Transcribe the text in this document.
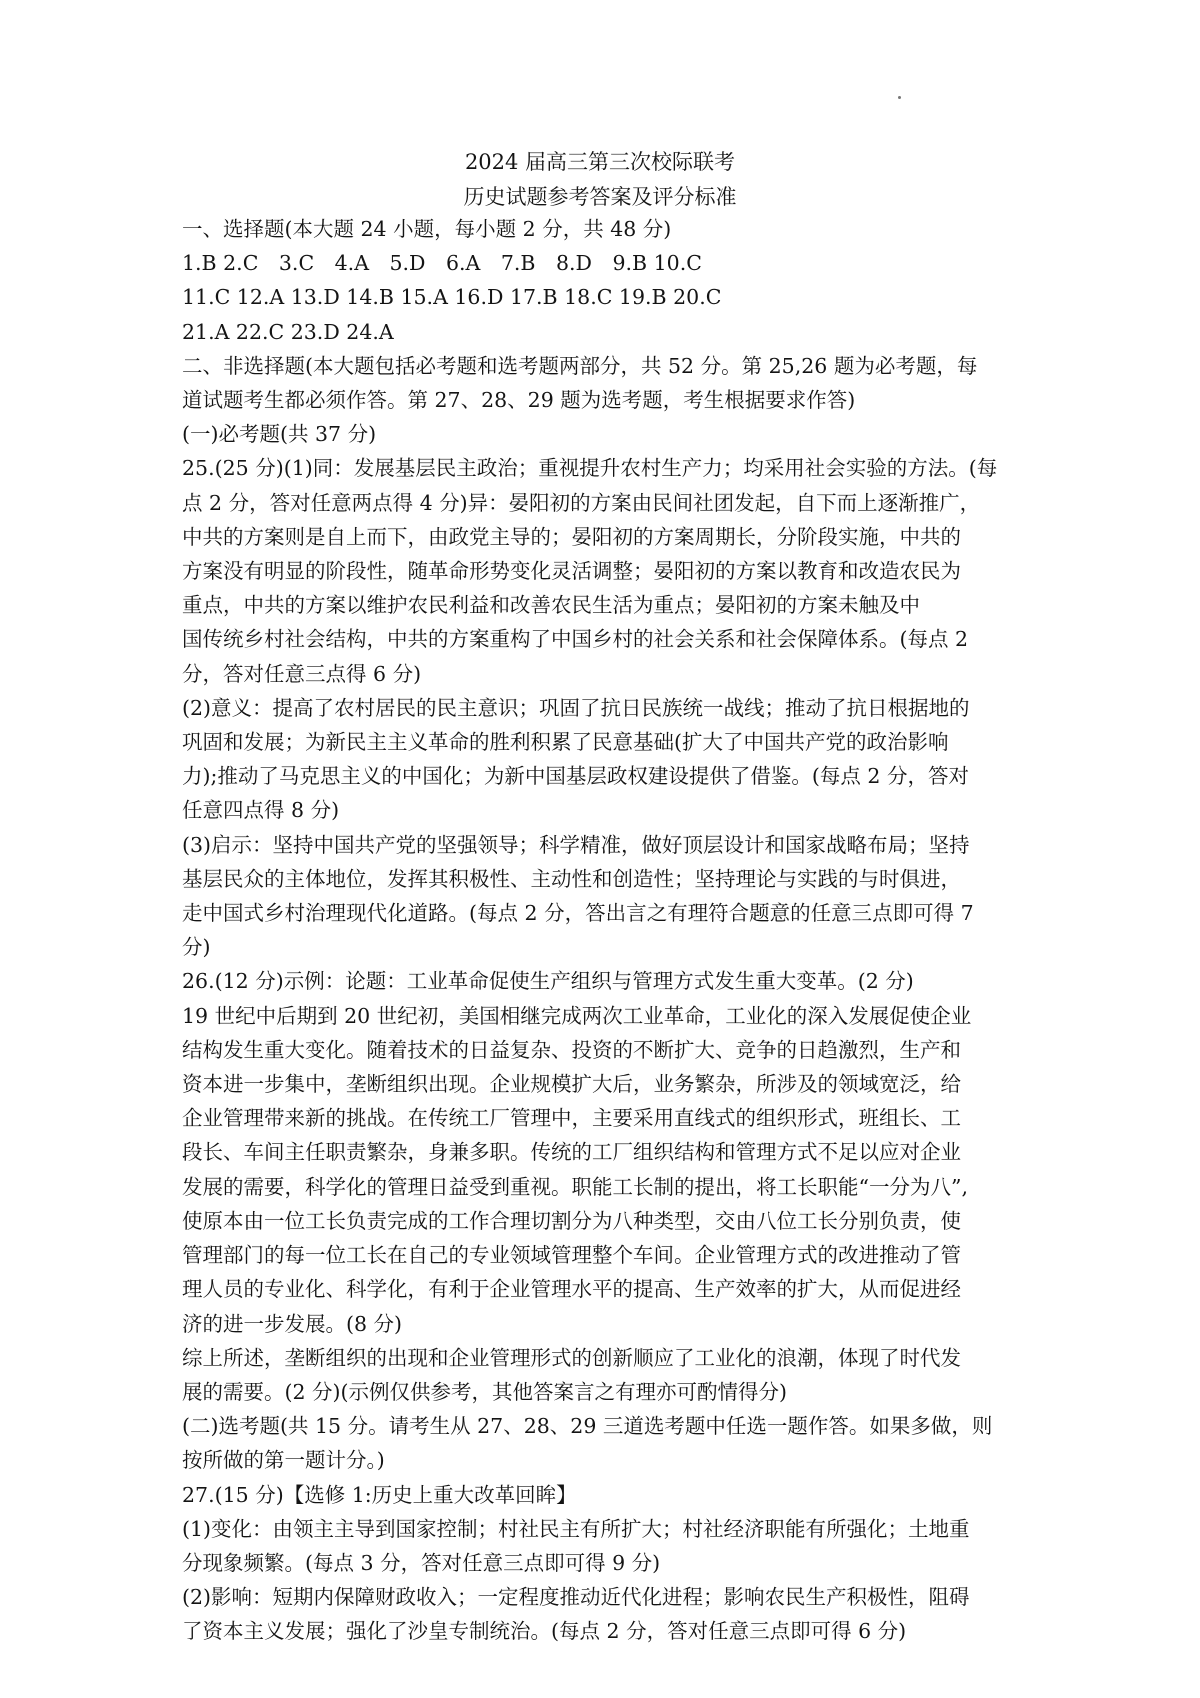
2024 届高三第三次校际联考
历史试题参考答案及评分标准
一、选择题(本大题 24 小题，每小题 2 分，共 48 分)
1.B 2.C　3.C　4.A　5.D　6.A　7.B　8.D　9.B 10.C
11.C 12.A 13.D 14.B 15.A 16.D 17.B 18.C 19.B 20.C
21.A 22.C 23.D 24.A
二、非选择题(本大题包括必考题和选考题两部分，共 52 分。第 25,26 题为必考题，每
道试题考生都必须作答。第 27、28、29 题为选考题，考生根据要求作答)
(一)必考题(共 37 分)
25.(25 分)(1)同：发展基层民主政治；重视提升农村生产力；均采用社会实验的方法。(每
点 2 分，答对任意两点得 4 分)异：晏阳初的方案由民间社团发起，自下而上逐渐推广，
中共的方案则是自上而下，由政党主导的；晏阳初的方案周期长，分阶段实施，中共的
方案没有明显的阶段性，随革命形势变化灵活调整；晏阳初的方案以教育和改造农民为
重点，中共的方案以维护农民利益和改善农民生活为重点；晏阳初的方案未触及中
国传统乡村社会结构，中共的方案重构了中国乡村的社会关系和社会保障体系。(每点 2
分，答对任意三点得 6 分)
(2)意义：提高了农村居民的民主意识；巩固了抗日民族统一战线；推动了抗日根据地的
巩固和发展；为新民主主义革命的胜利积累了民意基础(扩大了中国共产党的政治影响
力);推动了马克思主义的中国化；为新中国基层政权建设提供了借鉴。(每点 2 分，答对
任意四点得 8 分)
(3)启示：坚持中国共产党的坚强领导；科学精准，做好顶层设计和国家战略布局；坚持
基层民众的主体地位，发挥其积极性、主动性和创造性；坚持理论与实践的与时俱进，
走中国式乡村治理现代化道路。(每点 2 分，答出言之有理符合题意的任意三点即可得 7
分)
26.(12 分)示例：论题：工业革命促使生产组织与管理方式发生重大变革。(2 分)
19 世纪中后期到 20 世纪初，美国相继完成两次工业革命，工业化的深入发展促使企业
结构发生重大变化。随着技术的日益复杂、投资的不断扩大、竞争的日趋激烈，生产和
资本进一步集中，垄断组织出现。企业规模扩大后，业务繁杂，所涉及的领域宽泛，给
企业管理带来新的挑战。在传统工厂管理中，主要采用直线式的组织形式，班组长、工
段长、车间主任职责繁杂，身兼多职。传统的工厂组织结构和管理方式不足以应对企业
发展的需要，科学化的管理日益受到重视。职能工长制的提出，将工长职能“一分为八”,
使原本由一位工长负责完成的工作合理切割分为八种类型，交由八位工长分别负责，使
管理部门的每一位工长在自己的专业领域管理整个车间。企业管理方式的改进推动了管
理人员的专业化、科学化，有利于企业管理水平的提高、生产效率的扩大，从而促进经
济的进一步发展。(8 分)
综上所述，垄断组织的出现和企业管理形式的创新顺应了工业化的浪潮，体现了时代发
展的需要。(2 分)(示例仅供参考，其他答案言之有理亦可酌情得分)
(二)选考题(共 15 分。请考生从 27、28、29 三道选考题中任选一题作答。如果多做，则
按所做的第一题计分。)
27.(15 分)【选修 1:历史上重大改革回眸】
(1)变化：由领主主导到国家控制；村社民主有所扩大；村社经济职能有所强化；土地重
分现象频繁。(每点 3 分，答对任意三点即可得 9 分)
(2)影响：短期内保障财政收入；一定程度推动近代化进程；影响农民生产积极性，阻碍
了资本主义发展；强化了沙皇专制统治。(每点 2 分，答对任意三点即可得 6 分)
